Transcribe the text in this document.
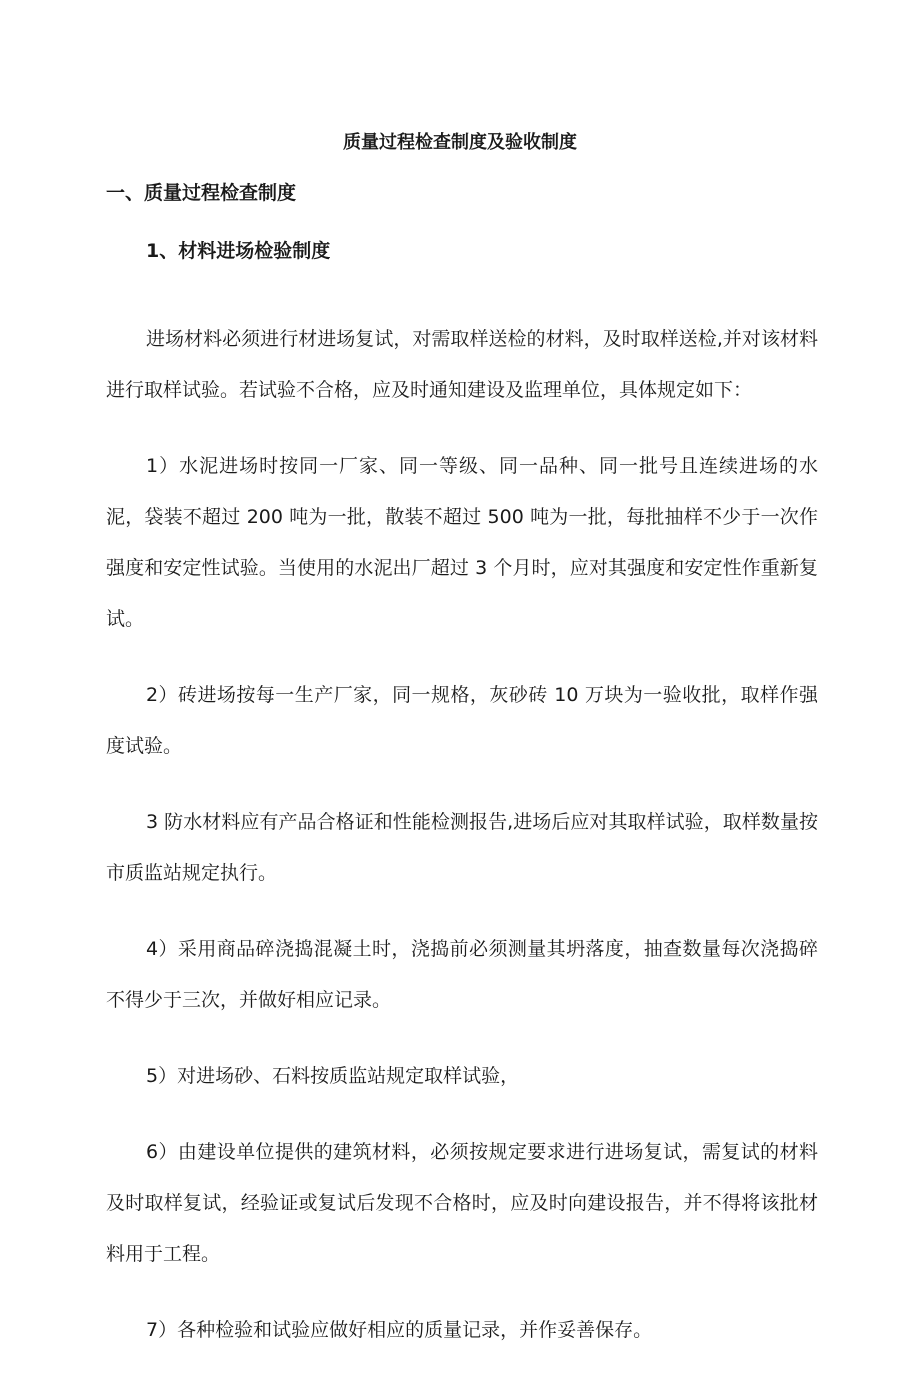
质量过程检查制度及验收制度
一、质量过程检查制度
1、材料进场检验制度

进场材料必须进行材进场复试，对需取样送检的材料，及时取样送检,并对该材料进行取样试验。若试验不合格，应及时通知建设及监理单位，具体规定如下：

1）水泥进场时按同一厂家、同一等级、同一品种、同一批号且连续进场的水泥，袋装不超过 200 吨为一批，散装不超过 500 吨为一批，每批抽样不少于一次作强度和安定性试验。当使用的水泥出厂超过 3 个月时，应对其强度和安定性作重新复试。

2）砖进场按每一生产厂家，同一规格，灰砂砖 10 万块为一验收批，取样作强度试验。

3 防水材料应有产品合格证和性能检测报告,进场后应对其取样试验，取样数量按市质监站规定执行。

4）采用商品碎浇捣混凝土时，浇捣前必须测量其坍落度，抽查数量每次浇捣碎不得少于三次，并做好相应记录。

5）对进场砂、石料按质监站规定取样试验，

6）由建设单位提供的建筑材料，必须按规定要求进行进场复试，需复试的材料及时取样复试，经验证或复试后发现不合格时，应及时向建设报告，并不得将该批材料用于工程。

7）各种检验和试验应做好相应的质量记录，并作妥善保存。
